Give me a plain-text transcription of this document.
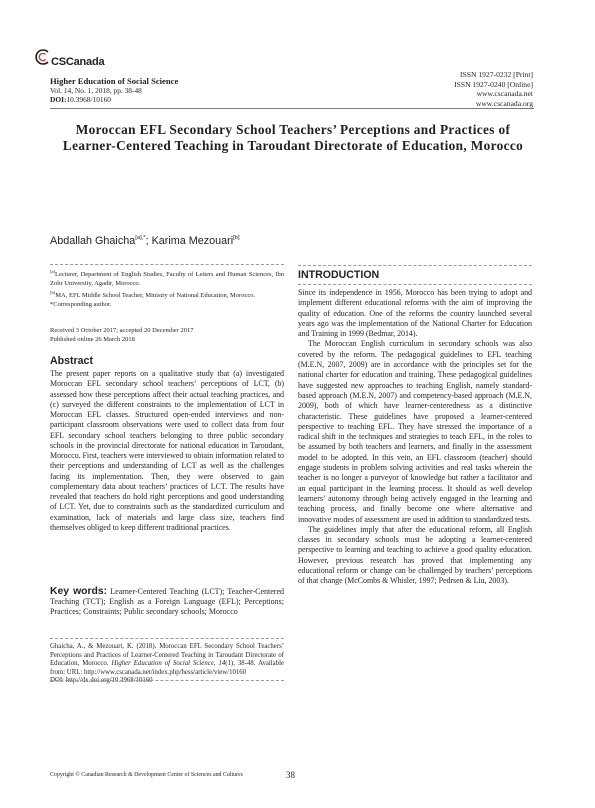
CSCanada
Higher Education of Social Science
Vol. 14, No. 1, 2018, pp. 38-48
DOI:10.3968/10160
ISSN 1927-0232 [Print]
ISSN 1927-0240 [Online]
www.cscanada.net
www.cscanada.org
Moroccan EFL Secondary School Teachers’ Perceptions and Practices of Learner-Centered Teaching in Taroudant Directorate of Education, Morocco
Abdallah Ghaicha$^{[a],*}$; Karima Mezouari[b]
[a]Lecturer, Department of English Studies, Faculty of Letters and Human Sciences, Ibn Zohr University, Agadir, Morocco.
[b]MA, EFL Middle School Teacher, Ministry of National Education, Morocco.
*Corresponding author.
Received 3 October 2017; accepted 20 December 2017
Published online 26 March 2018
Abstract
The present paper reports on a qualitative study that (a) investigated Moroccan EFL secondary school teachers’ perceptions of LCT, (b) assessed how these perceptions affect their actual teaching practices, and (c) surveyed the different constraints to the implementation of LCT in Moroccan EFL classes. Structured open-ended interviews and non-participant classroom observations were used to collect data from four EFL secondary school teachers belonging to three public secondary schools in the provincial directorate for national education in Taroudant, Morocco. First, teachers were interviewed to obtain information related to their perceptions and understanding of LCT as well as the challenges facing its implementation. Then, they were observed to gain complementary data about teachers’ practices of LCT. The results have revealed that teachers do hold right perceptions and good understanding of LCT. Yet, due to constraints such as the standardized curriculum and examination, lack of materials and large class size, teachers find themselves obliged to keep different traditional practices.
Key words: Learner-Centered Teaching (LCT); Teacher-Centered Teaching (TCT); English as a Foreign Language (EFL); Perceptions; Practices; Constraints; Public secondary schools; Morocco
Ghaicha, A., & Mezouari, K. (2018). Moroccan EFL Secondary School Teachers’ Perceptions and Practices of Learner-Centered Teaching in Taroudant Directorate of Education, Morocco. Higher Education of Social Science, 14(1), 38-48. Available from: URL: http://www.cscanada.net/index.php/hess/article/view/10160
DOI: http://dx.doi.org/10.3968/10160
INTRODUCTION

Since its independence in 1956, Morocco has been trying to adopt and implement different educational reforms with the aim of improving the quality of education. One of the reforms the country launched several years ago was the implementation of the National Charter for Education and Training in 1999 (Bedmar, 2014).

The Moroccan English curriculum in secondary schools was also covered by the reform. The pedagogical guidelines to EFL teaching (M.E.N, 2007, 2009) are in accordance with the principles set for the national charter for education and training. These pedagogical guidelines have suggested new approaches to teaching English, namely standard-based approach (M.E.N, 2007) and competency-based approach (M.E.N, 2009), both of which have learner-centeredness as a distinctive characteristic. These guidelines have proposed a learner-centered perspective to teaching EFL. They have stressed the importance of a radical shift in the techniques and strategies to teach EFL, in the roles to be assumed by both teachers and learners, and finally in the assessment model to be adopted. In this vein, an EFL classroom (teacher) should engage students in problem solving activities and real tasks wherein the teacher is no longer a purveyor of knowledge but rather a facilitator and an equal participant in the learning process. It should as well develop learners’ autonomy through being actively engaged in the learning and teaching process, and finally become one where alternative and innovative modes of assessment are used in addition to standardized tests.

The guidelines imply that after the educational reform, all English classes in secondary schools must be adopting a learner-centered perspective to learning and teaching to achieve a good quality education. However, previous research has proved that implementing any educational reform or change can be challenged by teachers’ perceptions of that change (McCombs & Whisler, 1997; Pedrsen & Liu, 2003).

Copyright © Canadian Research & Development Center of Sciences and Cultures	38
